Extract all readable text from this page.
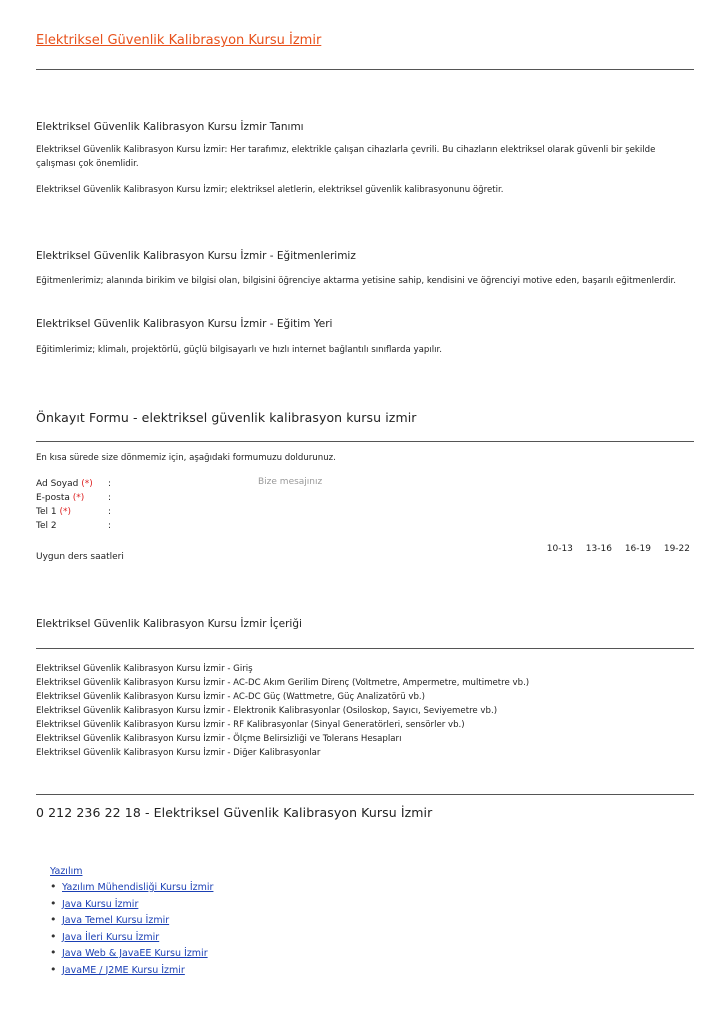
Elektriksel Güvenlik Kalibrasyon Kursu İzmir
Elektriksel Güvenlik Kalibrasyon Kursu İzmir Tanımı
Elektriksel Güvenlik Kalibrasyon Kursu İzmir: Her tarafımız, elektrikle çalışan cihazlarla çevrili. Bu cihazların elektriksel olarak güvenli bir şekilde çalışması çok önemlidir.
Elektriksel Güvenlik Kalibrasyon Kursu İzmir; elektriksel aletlerin, elektriksel güvenlik kalibrasyonunu öğretir.
Elektriksel Güvenlik Kalibrasyon Kursu İzmir - Eğitmenlerimiz
Eğitmenlerimiz; alanında birikim ve bilgisi olan, bilgisini öğrenciye aktarma yetisine sahip, kendisini ve öğrenciyi motive eden, başarılı eğitmenlerdir.
Elektriksel Güvenlik Kalibrasyon Kursu İzmir - Eğitim Yeri
Eğitimlerimiz; klimalı, projektörlü, güçlü bilgisayarlı ve hızlı internet bağlantılı sınıflarda yapılır.
Önkayıt Formu - elektriksel güvenlik kalibrasyon kursu izmir
En kısa sürede size dönmemiz için, aşağıdaki formumuzu doldurunuz.
Ad Soyad (*)	:
E-posta (*)	:
Tel 1 (*)	:
Tel 2	:
Bize mesajınız
Uygun ders saatleri
10-13 13-16 16-19 19-22
Elektriksel Güvenlik Kalibrasyon Kursu İzmir İçeriği
Elektriksel Güvenlik Kalibrasyon Kursu İzmir - Giriş
Elektriksel Güvenlik Kalibrasyon Kursu İzmir - AC-DC Akım Gerilim Direnç (Voltmetre, Ampermetre, multimetre vb.)
Elektriksel Güvenlik Kalibrasyon Kursu İzmir - AC-DC Güç (Wattmetre, Güç Analizatörü vb.)
Elektriksel Güvenlik Kalibrasyon Kursu İzmir - Elektronik Kalibrasyonlar (Osiloskop, Sayıcı, Seviyemetre vb.)
Elektriksel Güvenlik Kalibrasyon Kursu İzmir - RF Kalibrasyonlar (Sinyal Generatörleri, sensörler vb.)
Elektriksel Güvenlik Kalibrasyon Kursu İzmir - Ölçme Belirsizliği ve Tolerans Hesapları
Elektriksel Güvenlik Kalibrasyon Kursu İzmir - Diğer Kalibrasyonlar
0 212 236 22 18 - Elektriksel Güvenlik Kalibrasyon Kursu İzmir
Yazılım
• Yazılım Mühendisliği Kursu İzmir
• Java Kursu İzmir
• Java Temel Kursu İzmir
• Java İleri Kursu İzmir
• Java Web & JavaEE Kursu İzmir
• JavaME / J2ME Kursu İzmir
